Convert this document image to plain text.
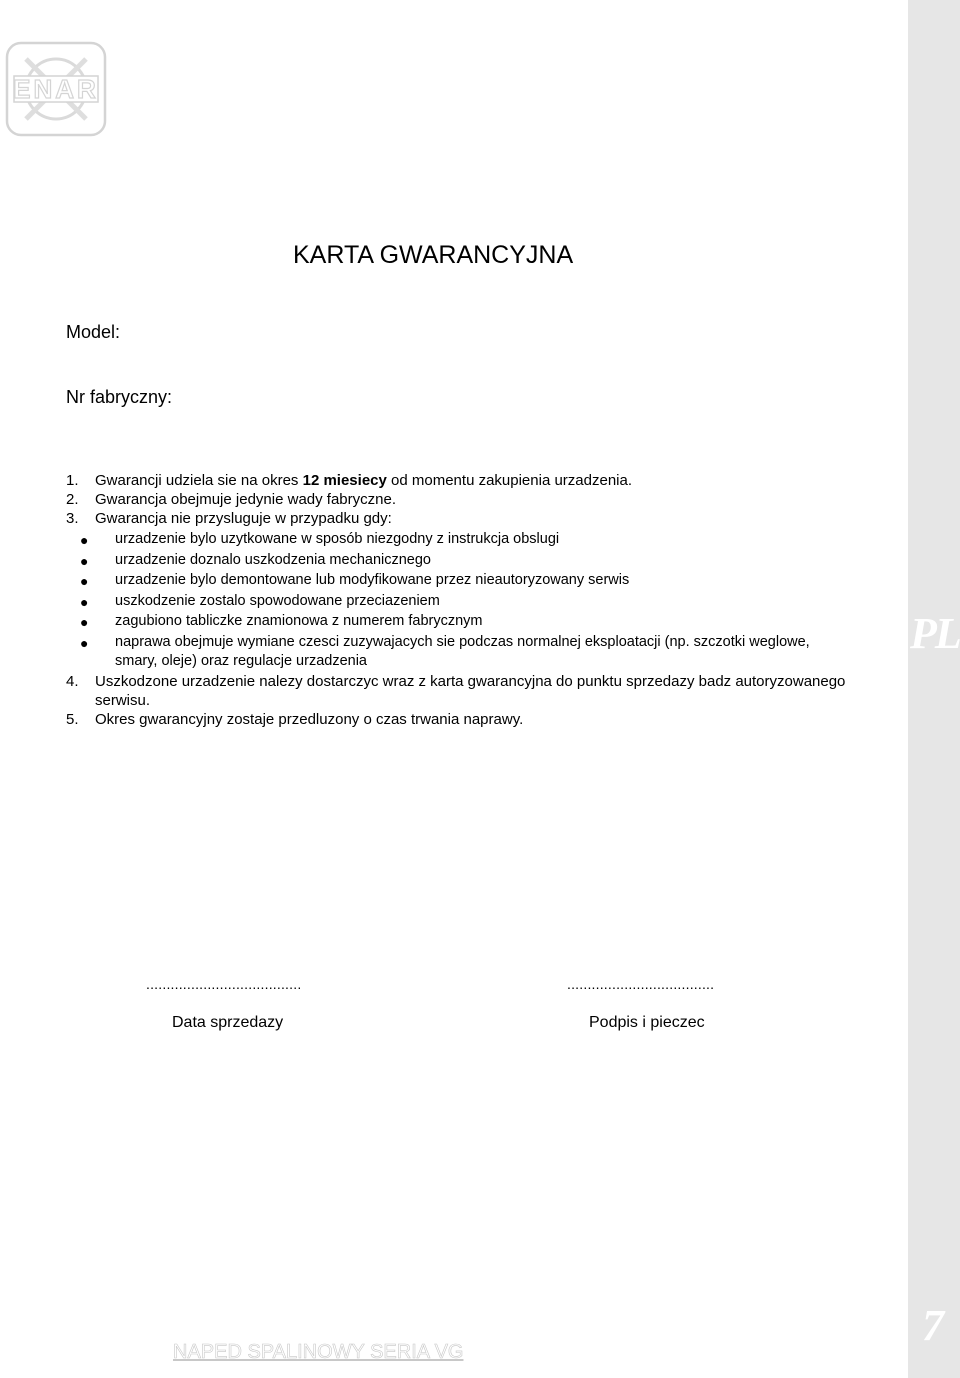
PL
7
ENAR
KARTA GWARANCYJNA
Model:
Nr fabryczny:
1.	Gwarancji udziela sie na okres 12 miesiecy od momentu zakupienia urzadzenia.
2.	Gwarancja obejmuje jedynie wady fabryczne.
3.	Gwarancja nie przysluguje w przypadku gdy:
● urzadzenie bylo uzytkowane w sposób niezgodny z instrukcja obslugi
● urzadzenie doznalo uszkodzenia mechanicznego
● urzadzenie bylo demontowane lub modyfikowane przez nieautoryzowany serwis
● uszkodzenie zostalo spowodowane przeciazeniem
● zagubiono tabliczke znamionowa z numerem fabrycznym
● naprawa obejmuje wymiane czesci zuzywajacych sie podczas normalnej eksploatacji (np. szczotki weglowe, smary, oleje) oraz regulacje urzadzenia
4.	Uszkodzone urzadzenie nalezy dostarczyc wraz z karta gwarancyjna do punktu sprzedazy badz autoryzowanego serwisu.
5.	Okres gwarancyjny zostaje przedluzony o czas trwania naprawy.
......................................	....................................
Data sprzedazy	Podpis i pieczec
NAPED SPALINOWY SERIA VG
